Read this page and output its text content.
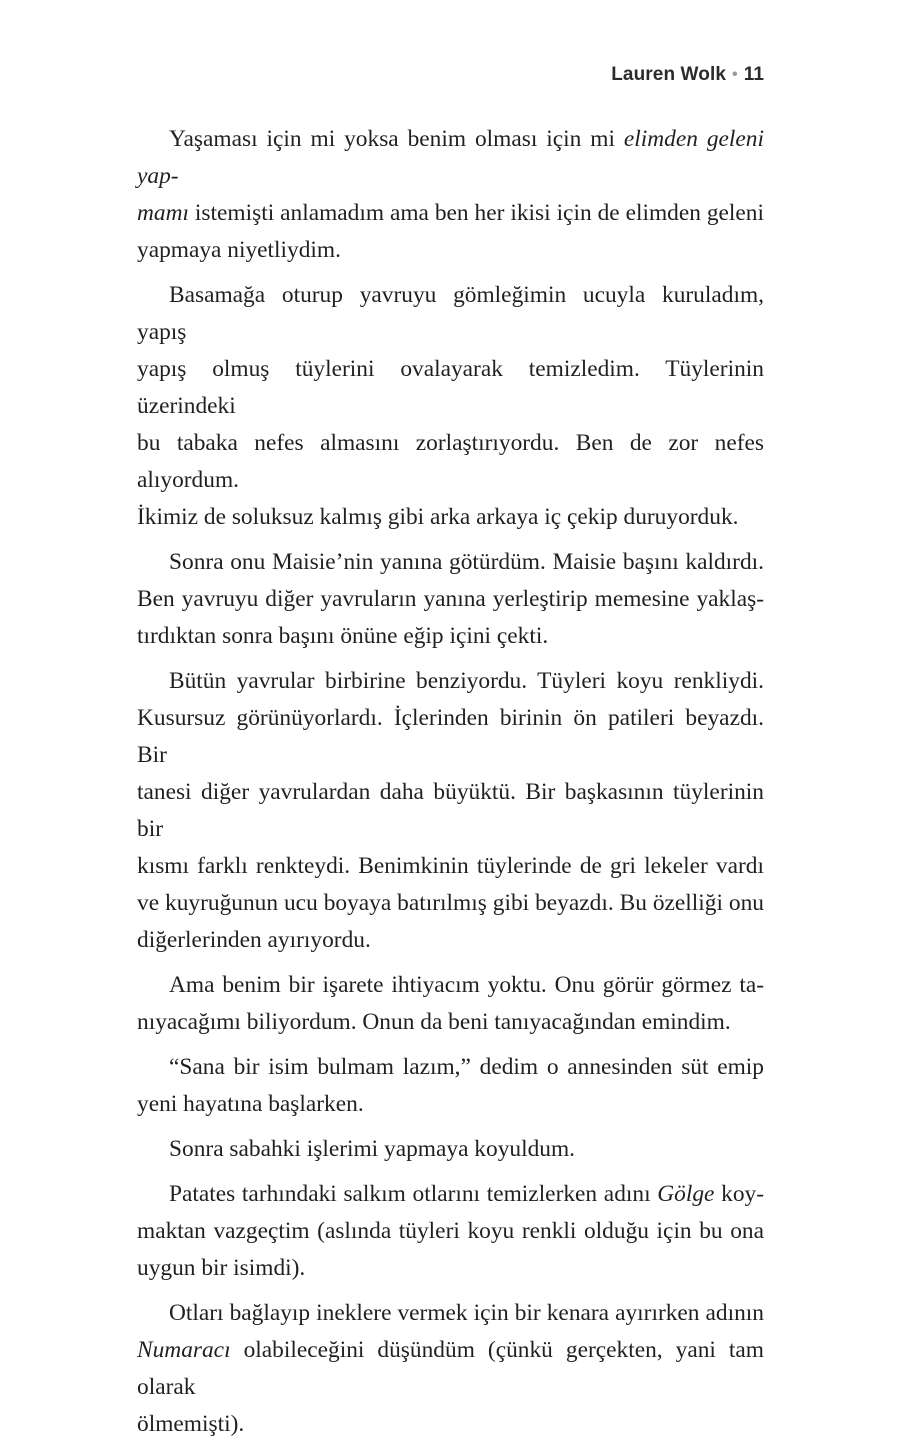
Lauren Wolk • 11

Yaşaması için mi yoksa benim olması için mi elimden geleni yap-
mamı istemişti anlamadım ama ben her ikisi için de elimden geleni
yapmaya niyetliydim.

Basamağa oturup yavruyu gömleğimin ucuyla kuruladım, yapış
yapış olmuş tüylerini ovalayarak temizledim. Tüylerinin üzerindeki
bu tabaka nefes almasını zorlaştırıyordu. Ben de zor nefes alıyordum.
İkimiz de soluksuz kalmış gibi arka arkaya iç çekip duruyorduk.

Sonra onu Maisie’nin yanına götürdüm. Maisie başını kaldırdı.
Ben yavruyu diğer yavruların yanına yerleştirip memesine yaklaş-
tırdıktan sonra başını önüne eğip içini çekti.

Bütün yavrular birbirine benziyordu. Tüyleri koyu renkliydi.
Kusursuz görünüyorlardı. İçlerinden birinin ön patileri beyazdı. Bir
tanesi diğer yavrulardan daha büyüktü. Bir başkasının tüylerinin bir
kısmı farklı renkteydi. Benimkinin tüylerinde de gri lekeler vardı
ve kuyruğunun ucu boyaya batırılmış gibi beyazdı. Bu özelliği onu
diğerlerinden ayırıyordu.

Ama benim bir işarete ihtiyacım yoktu. Onu görür görmez ta-
nıyacağımı biliyordum. Onun da beni tanıyacağından emindim.

“Sana bir isim bulmam lazım,” dedim o annesinden süt emip
yeni hayatına başlarken.

Sonra sabahki işlerimi yapmaya koyuldum.

Patates tarhındaki salkım otlarını temizlerken adını Gölge koy-
maktan vazgeçtim (aslında tüyleri koyu renkli olduğu için bu ona
uygun bir isimdi).

Otları bağlayıp ineklere vermek için bir kenara ayırırken adının
Numaracı olabileceğini düşündüm (çünkü gerçekten, yani tam olarak
ölmemişti).
